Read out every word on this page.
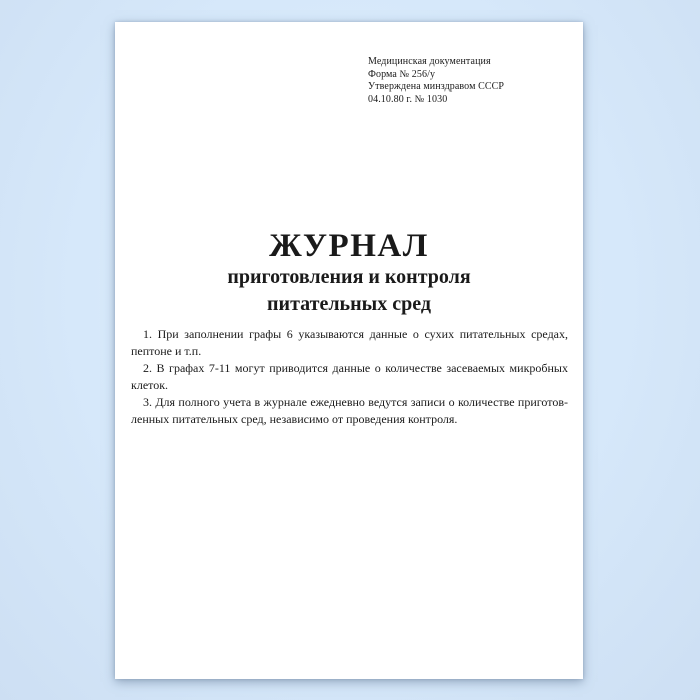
Медицинская документация
Форма № 256/у
Утверждена минздравом СССР
04.10.80 г. № 1030
ЖУРНАЛ
приготовления и контроля
питательных сред
1. При заполнении графы 6 указываются данные о сухих питательных средах,
пептоне и т.п.
2. В графах 7-11 могут приводится данные о количестве засеваемых микробных
клеток.
3. Для полного учета в журнале ежедневно ведутся записи о количестве приготов-
ленных питательных сред, независимо от проведения контроля.
